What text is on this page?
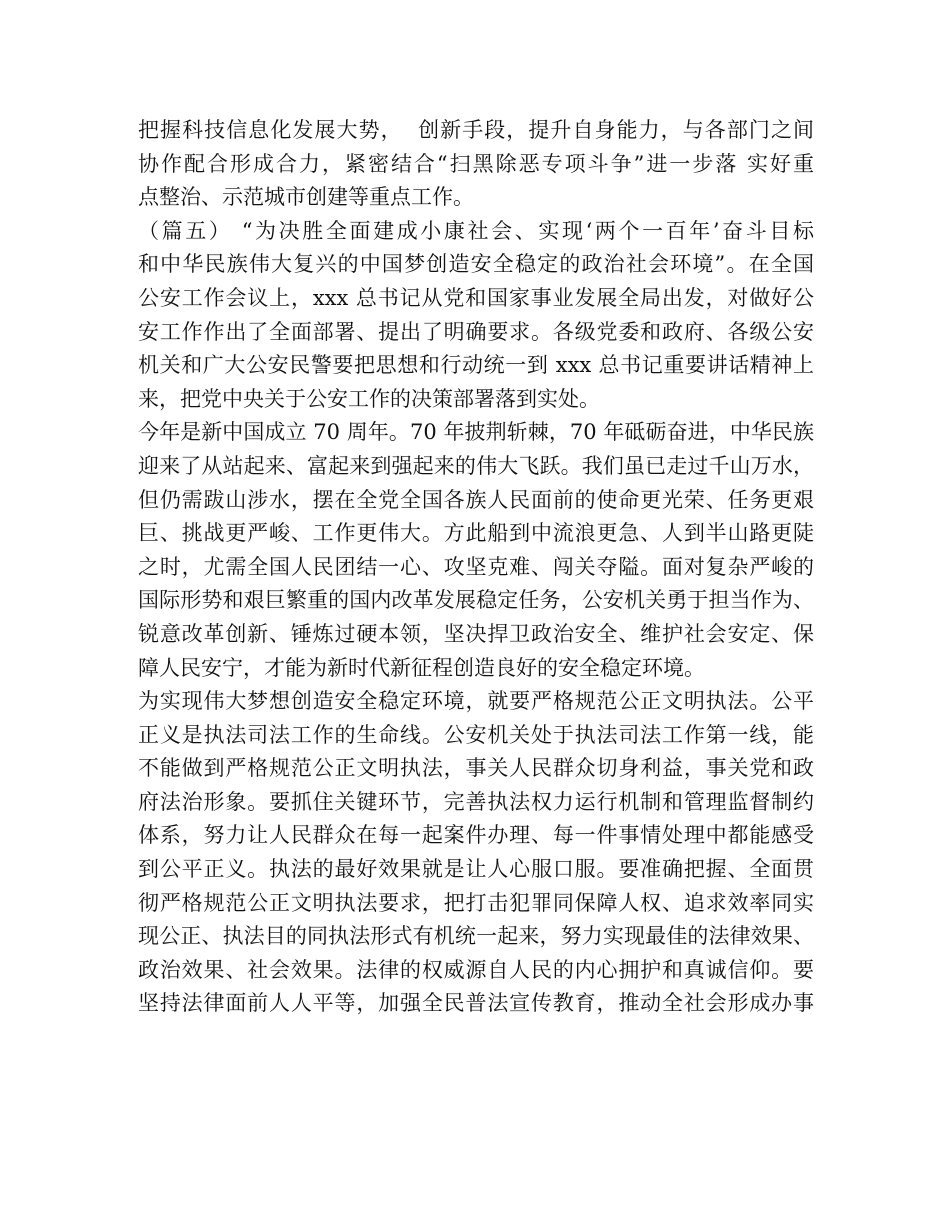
把握科技信息化发展大势，  创新手段，提升自身能力，与各部门之间
协作配合形成合力，紧密结合“扫黑除恶专项斗争”进一步落 实好重
点整治、示范城市创建等重点工作。
（篇五） “为决胜全面建成小康社会、实现‘两个一百年’奋斗目标
和中华民族伟大复兴的中国梦创造安全稳定的政治社会环境”。在全国
公安工作会议上，xxx 总书记从党和国家事业发展全局出发，对做好公
安工作作出了全面部署、提出了明确要求。各级党委和政府、各级公安
机关和广大公安民警要把思想和行动统一到 xxx 总书记重要讲话精神上
来，把党中央关于公安工作的决策部署落到实处。
今年是新中国成立 70 周年。70 年披荆斩棘，70 年砥砺奋进，中华民族
迎来了从站起来、富起来到强起来的伟大飞跃。我们虽已走过千山万水，
但仍需跋山涉水，摆在全党全国各族人民面前的使命更光荣、任务更艰
巨、挑战更严峻、工作更伟大。方此船到中流浪更急、人到半山路更陡
之时，尤需全国人民团结一心、攻坚克难、闯关夺隘。面对复杂严峻的
国际形势和艰巨繁重的国内改革发展稳定任务，公安机关勇于担当作为、
锐意改革创新、锤炼过硬本领，坚决捍卫政治安全、维护社会安定、保
障人民安宁，才能为新时代新征程创造良好的安全稳定环境。
为实现伟大梦想创造安全稳定环境，就要严格规范公正文明执法。公平
正义是执法司法工作的生命线。公安机关处于执法司法工作第一线，能
不能做到严格规范公正文明执法，事关人民群众切身利益，事关党和政
府法治形象。要抓住关键环节，完善执法权力运行机制和管理监督制约
体系，努力让人民群众在每一起案件办理、每一件事情处理中都能感受
到公平正义。执法的最好效果就是让人心服口服。要准确把握、全面贯
彻严格规范公正文明执法要求，把打击犯罪同保障人权、追求效率同实
现公正、执法目的同执法形式有机统一起来，努力实现最佳的法律效果、
政治效果、社会效果。法律的权威源自人民的内心拥护和真诚信仰。要
坚持法律面前人人平等，加强全民普法宣传教育，推动全社会形成办事
